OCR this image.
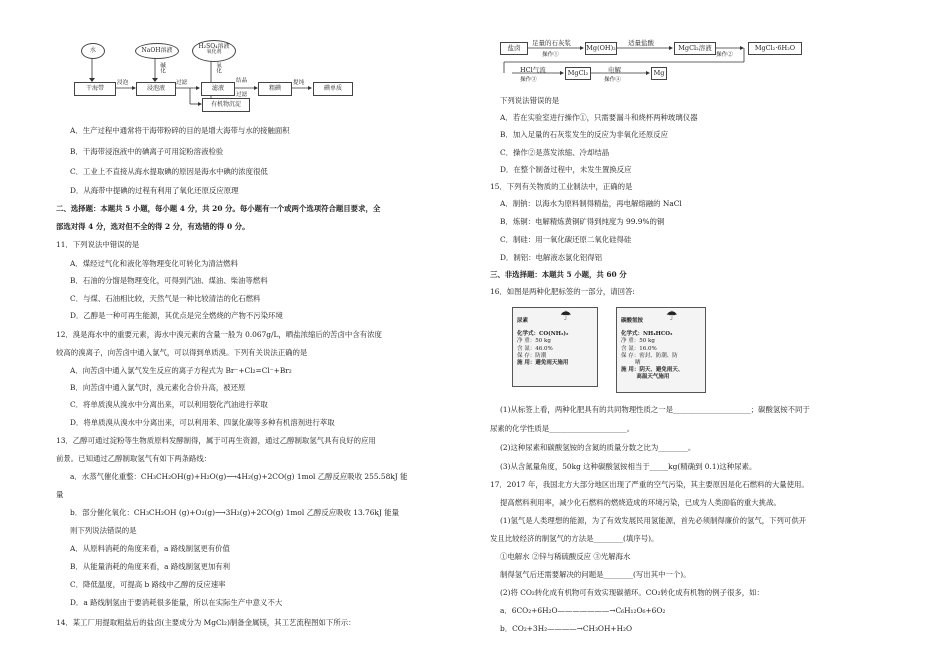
水	NaOH溶液
H₂SO₄溶液
氧化剂
干海带	浸泡液	滤液	粗碘	碘单质
有机物沉淀
浸泡	过滤
碱化	氧化
结晶
过滤
提纯
A．生产过程中通常将干海带粉碎的目的是增大海带与水的接触面积
B．干海带浸泡液中的碘离子可用淀粉溶液检验
C．工业上不直接从海水提取碘的原因是海水中碘的浓度很低
D．从海带中提碘的过程有利用了氧化还原反应原理
二、选择题：本题共 5 小题，每小题 4 分，共 20 分。每小题有一个或两个选项符合题目要求，全
部选对得 4 分，选对但不全的得 2 分，有选错的得 0 分。
11．下列说法中错误的是
A．煤经过气化和液化等物理变化可转化为清洁燃料
B．石油的分馏是物理变化，可得到汽油、煤油、柴油等燃料
C．与煤、石油相比较，天然气是一种比较清洁的化石燃料
D．乙醇是一种可再生能源，其优点是完全燃烧的产物不污染环境
12．溴是海水中的重要元素，海水中溴元素的含量一般为 0.067g/L，晒盐浓缩后的苦卤中含有浓度
较高的溴离子，向苦卤中通入氯气，可以得到单质溴。下列有关说法正确的是
A．向苦卤中通入氯气发生反应的离子方程式为 Br⁻+Cl₂=Cl⁻+Br₂
B．向苦卤中通入氯气时，溴元素化合价升高，被还原
C．将单质溴从溴水中分离出来，可以利用裂化汽油进行萃取
D．将单质溴从溴水中分离出来，可以利用苯、四氯化碳等多种有机溶剂进行萃取
13．乙醇可通过淀粉等生物质原料发酵制得，属于可再生资源，通过乙醇制取氢气具有良好的应用
前景。已知通过乙醇制取氢气有如下两条路线：
a．水蒸气催化重整：CH₃CH₂OH(g)+H₂O(g)⟶4H₂(g)+2CO(g) 1mol 乙醇反应吸收 255.58kJ 能
量
b．部分催化氧化：CH₃CH₂OH (g)+O₂(g)⟶3H₂(g)+2CO(g) 1mol 乙醇反应吸收 13.76kJ 能量
则下列说法错误的是
A．从原料消耗的角度来看，a 路线制氢更有价值
B．从能量消耗的角度来看，a 路线制氢更加有利
C．降低温度，可提高 b 路线中乙醇的反应速率
D．a 路线制氢由于要消耗很多能量，所以在实际生产中意义不大
14．某工厂用提取粗盐后的盐卤(主要成分为 MgCl₂)制备金属镁，其工艺流程图如下所示：
盐卤	Mg(OH)₂	MgCl₂溶液	MgCl₂·6H₂O
MgCl₂	Mg
足量的石灰浆
操作①
适量盐酸
操作②
HCl气流
操作③
电解
操作④
下列说法错误的是
A．若在实验室进行操作①，只需要漏斗和烧杯两种玻璃仪器
B．加入足量的石灰浆发生的反应为非氧化还原反应
C．操作②是蒸发浓缩、冷却结晶
D．在整个制备过程中，未发生置换反应
15．下列有关物质的工业制法中，正确的是
A．制钠：以海水为原料制得精盐，再电解熔融的 NaCl
B．炼铜：电解精炼黄铜矿得到纯度为 99.9%的铜
C．制硅：用一氧化碳还原二氧化硅得硅
D．制铝：电解液态氯化铝得铝
三、非选择题：本题共 5 小题，共 60 分
16．如图是两种化肥标签的一部分，请回答:
尿素
化学式：CO(NH₂)₂
净 重：50 kg
含 氮：46.0%
保 存：防潮
施 用：避免雨天施用
☂	碳酸氢铵
化学式：NH₄HCO₃
净 重：50 kg
含 氮：16.0%
保 存：密封、防潮、防
晒
施 用：阴天、避免雨天、
高温天气施用
☂
(1)从标签上看，两种化肥具有的共同物理性质之一是_____________________；碳酸氢铵不同于
尿素的化学性质是_____________________。
(2)这种尿素和碳酸氢铵的含氮的质量分数之比为________。
(3)从含氮量角度，50kg 这种碳酸氢铵相当于_____kg(精确到 0.1)这种尿素。
17．2017 年，我国北方大部分地区出现了严重的空气污染，其主要原因是化石燃料的大量使用。
提高燃料利用率，减少化石燃料的燃烧造成的环境污染，已成为人类面临的重大挑战。
(1)氢气是人类理想的能源，为了有效发展民用氢能源，首先必须制得廉价的氢气，下列可供开
发且比较经济的制氢气的方法是________(填序号)。
①电解水 ②锌与稀硫酸反应 ③光解海水
制得氢气后还需要解决的问题是________(写出其中一个)。
(2)将 CO₂转化成有机物可有效实现碳循环。CO₂转化成有机物的例子很多，如：
a．6CO₂+6H₂O———————→C₆H₁₂O₆+6O₂
b．CO₂+3H₂————→CH₃OH+H₂O
